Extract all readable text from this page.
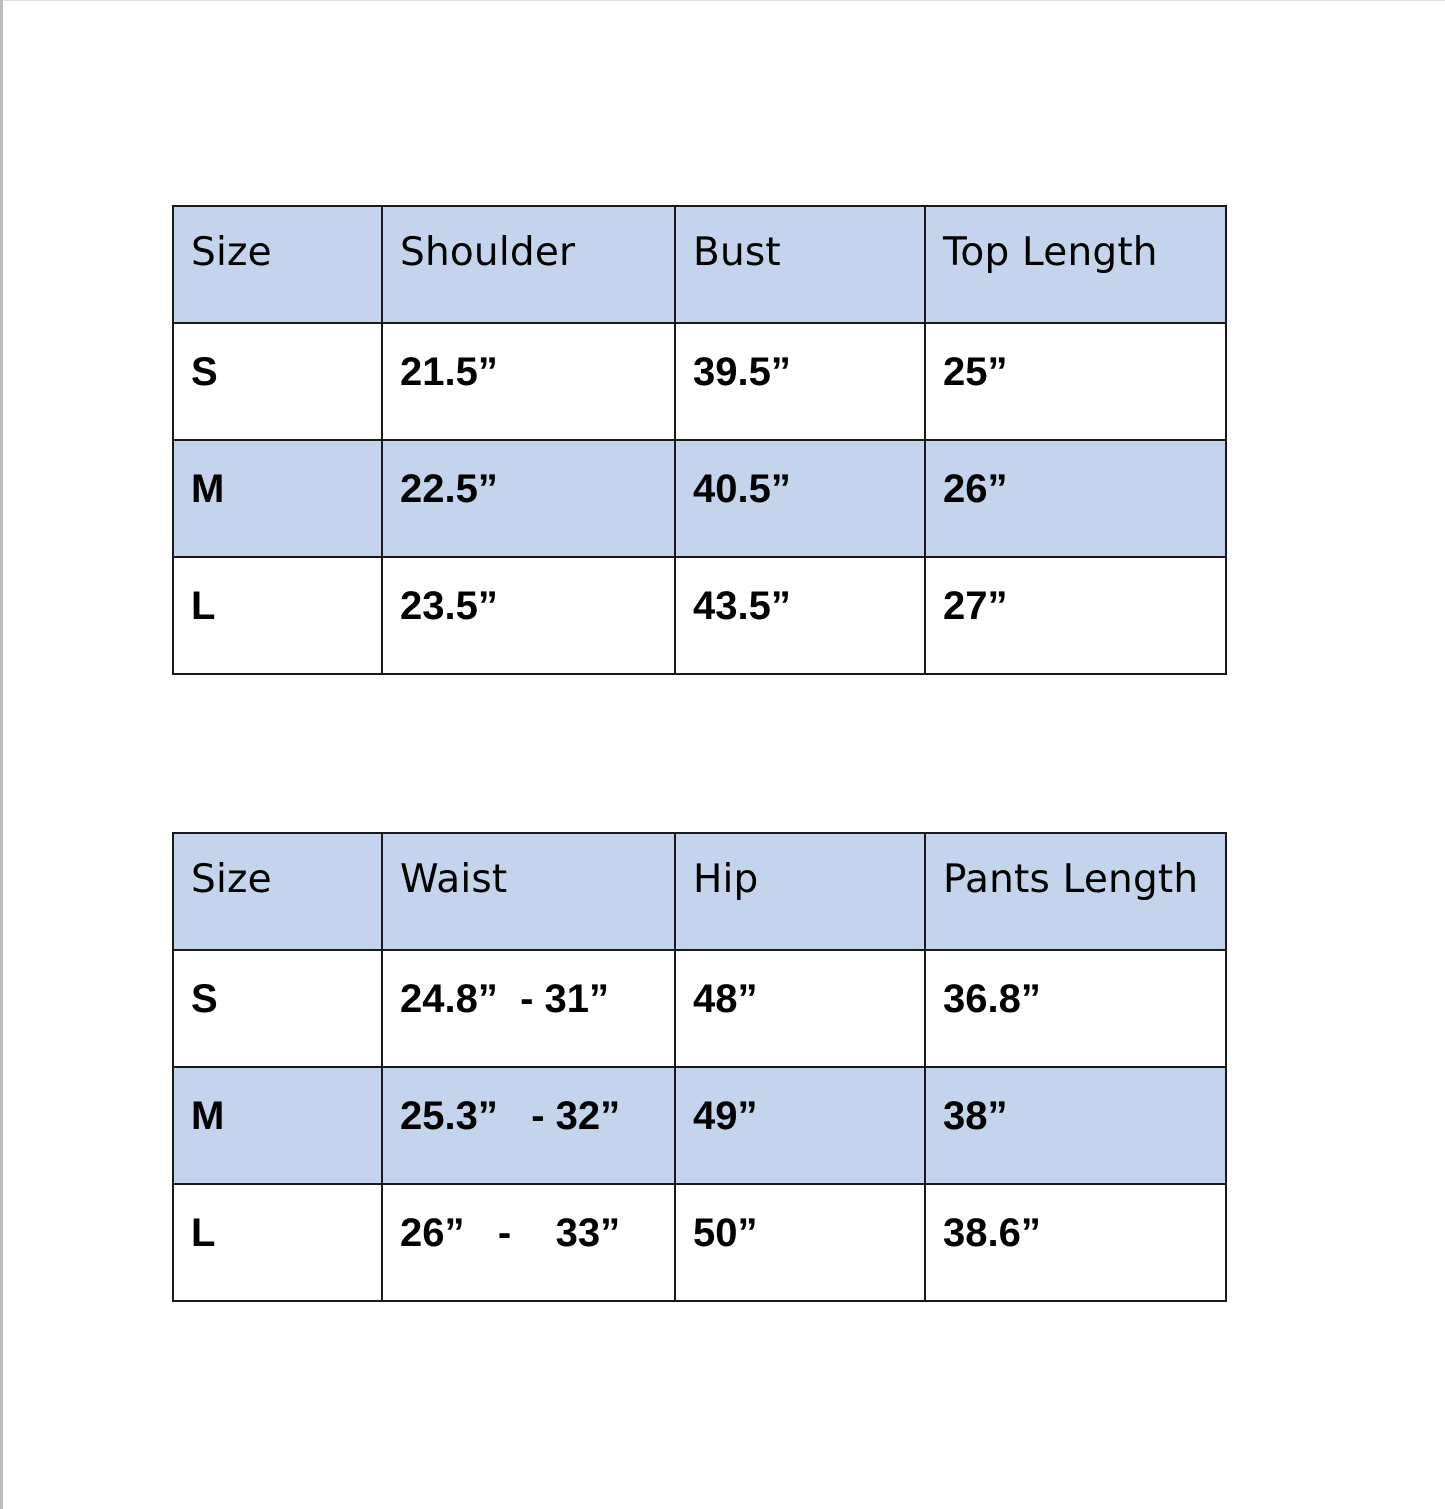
Size	Shoulder	Bust	Top Length
S	21.5”	39.5”	25”
M	22.5”	40.5”	26”
L	23.5”	43.5”	27”
Size	Waist	Hip	Pants Length
S	24.8”  - 31”	48”	36.8”
M	25.3”   - 32”	49”	38”
L	26”   -    33”	50”	38.6”
